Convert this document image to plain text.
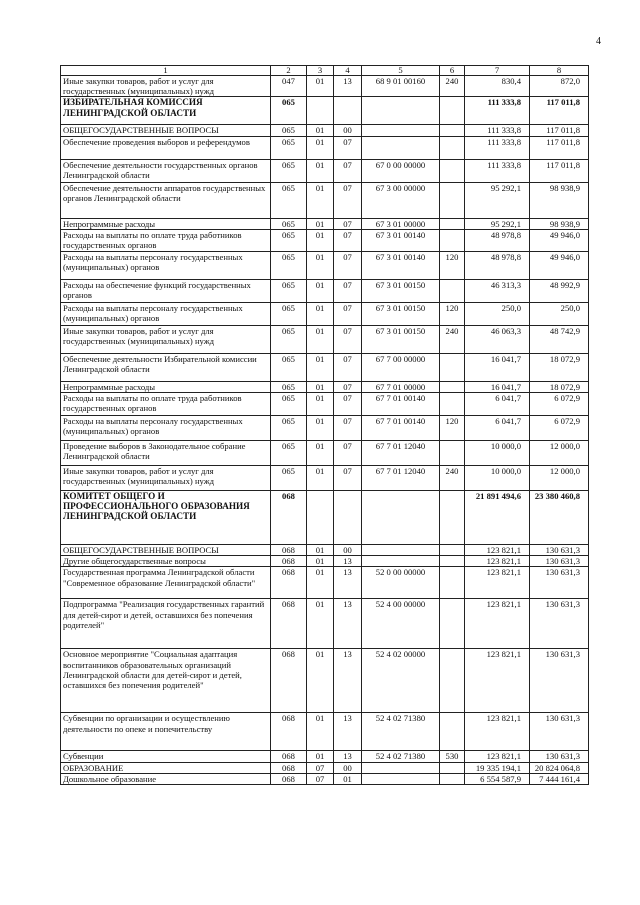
4
1	2	3	4	5	6	7	8
Иные закупки товаров, работ и услуг для государственных (муниципальных) нужд	047	01	13	68 9 01 00160	240	830,4	872,0
ИЗБИРАТЕЛЬНАЯ КОМИССИЯ ЛЕНИНГРАДСКОЙ ОБЛАСТИ	065					111 333,8	117 011,8
ОБЩЕГОСУДАРСТВЕННЫЕ ВОПРОСЫ	065	01	00			111 333,8	117 011,8
Обеспечение проведения выборов и референдумов	065	01	07			111 333,8	117 011,8
Обеспечение деятельности государственных органов Ленинградской области	065	01	07	67 0 00 00000		111 333,8	117 011,8
Обеспечение деятельности аппаратов государственных органов Ленинградской области	065	01	07	67 3 00 00000		95 292,1	98 938,9
Непрограммные расходы	065	01	07	67 3 01 00000		95 292,1	98 938,9
Расходы на выплаты по оплате труда работников государственных органов	065	01	07	67 3 01 00140		48 978,8	49 946,0
Расходы на выплаты персоналу государственных (муниципальных) органов	065	01	07	67 3 01 00140	120	48 978,8	49 946,0
Расходы на обеспечение функций государственных органов	065	01	07	67 3 01 00150		46 313,3	48 992,9
Расходы на выплаты персоналу государственных (муниципальных) органов	065	01	07	67 3 01 00150	120	250,0	250,0
Иные закупки товаров, работ и услуг для государственных (муниципальных) нужд	065	01	07	67 3 01 00150	240	46 063,3	48 742,9
Обеспечение деятельности Избирательной комиссии Ленинградской области	065	01	07	67 7 00 00000		16 041,7	18 072,9
Непрограммные расходы	065	01	07	67 7 01 00000		16 041,7	18 072,9
Расходы на выплаты по оплате труда работников государственных органов	065	01	07	67 7 01 00140		6 041,7	6 072,9
Расходы на выплаты персоналу государственных (муниципальных) органов	065	01	07	67 7 01 00140	120	6 041,7	6 072,9
Проведение выборов в Законодательное собрание Ленинградской области	065	01	07	67 7 01 12040		10 000,0	12 000,0
Иные закупки товаров, работ и услуг для государственных (муниципальных) нужд	065	01	07	67 7 01 12040	240	10 000,0	12 000,0
КОМИТЕТ ОБЩЕГО И ПРОФЕССИОНАЛЬНОГО ОБРАЗОВАНИЯ ЛЕНИНГРАДСКОЙ ОБЛАСТИ	068					21 891 494,6	23 380 460,8
ОБЩЕГОСУДАРСТВЕННЫЕ ВОПРОСЫ	068	01	00			123 821,1	130 631,3
Другие общегосударственные вопросы	068	01	13			123 821,1	130 631,3
Государственная программа Ленинградской области "Современное образование Ленинградской области"	068	01	13	52 0 00 00000		123 821,1	130 631,3
Подпрограмма "Реализация государственных гарантий для детей-сирот и детей, оставшихся без попечения родителей"	068	01	13	52 4 00 00000		123 821,1	130 631,3
Основное мероприятие "Социальная адаптация воспитанников образовательных организаций Ленинградской области для детей-сирот и детей, оставшихся без попечения родителей"	068	01	13	52 4 02 00000		123 821,1	130 631,3
Субвенции по организации и осуществлению деятельности по опеке и попечительству	068	01	13	52 4 02 71380		123 821,1	130 631,3
Субвенции	068	01	13	52 4 02 71380	530	123 821,1	130 631,3
ОБРАЗОВАНИЕ	068	07	00			19 335 194,1	20 824 064,8
Дошкольное образование	068	07	01			6 554 587,9	7 444 161,4
